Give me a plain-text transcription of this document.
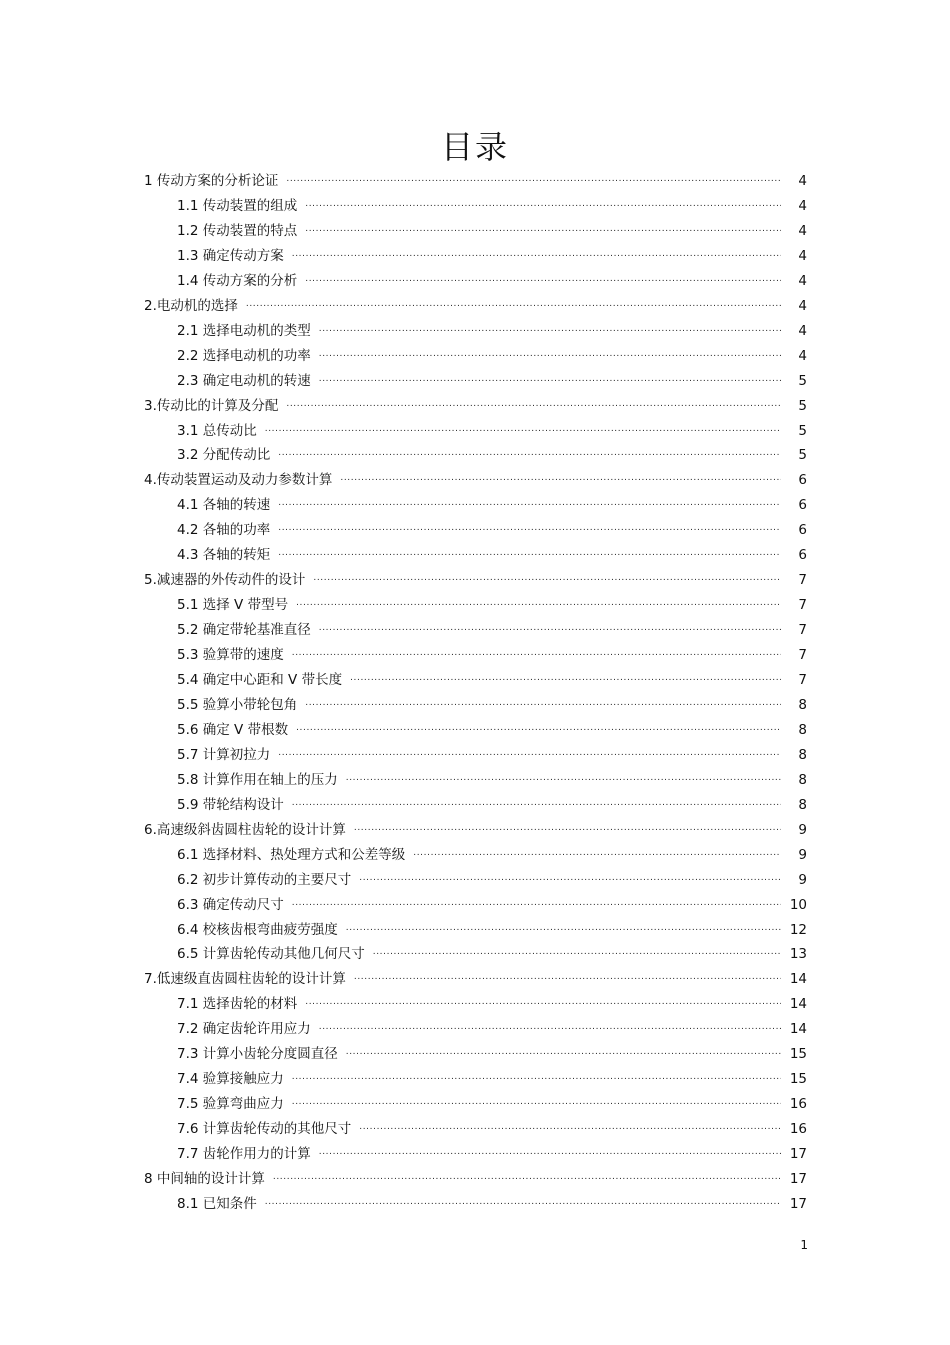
目录
1 传动方案的分析论证 .....	4
1.1 传动装置的组成 .....	4
1.2 传动装置的特点 .....	4
1.3 确定传动方案 .....	4
1.4 传动方案的分析 .....	4
2.电动机的选择 .....	4
2.1 选择电动机的类型 .....	4
2.2 选择电动机的功率 .....	4
2.3 确定电动机的转速 .....	5
3.传动比的计算及分配 .....	5
3.1 总传动比 .....	5
3.2 分配传动比 .....	5
4.传动装置运动及动力参数计算 .....	6
4.1 各轴的转速 .....	6
4.2 各轴的功率 .....	6
4.3 各轴的转矩 .....	6
5.减速器的外传动件的设计 .....	7
5.1 选择 V 带型号 .....	7
5.2 确定带轮基准直径 .....	7
5.3 验算带的速度 .....	7
5.4 确定中心距和 V 带长度 .....	7
5.5 验算小带轮包角 .....	8
5.6 确定 V 带根数 .....	8
5.7 计算初拉力 .....	8
5.8 计算作用在轴上的压力 .....	8
5.9 带轮结构设计 .....	8
6.高速级斜齿圆柱齿轮的设计计算 .....	9
6.1 选择材料、热处理方式和公差等级 .....	9
6.2 初步计算传动的主要尺寸 .....	9
6.3 确定传动尺寸 .....	10
6.4 校核齿根弯曲疲劳强度 .....	12
6.5 计算齿轮传动其他几何尺寸 .....	13
7.低速级直齿圆柱齿轮的设计计算 .....	14
7.1 选择齿轮的材料 .....	14
7.2 确定齿轮许用应力 .....	14
7.3 计算小齿轮分度圆直径 .....	15
7.4 验算接触应力 .....	15
7.5 验算弯曲应力 .....	16
7.6 计算齿轮传动的其他尺寸 .....	16
7.7 齿轮作用力的计算 .....	17
8 中间轴的设计计算 .....	17
8.1 已知条件 .....	17
1
